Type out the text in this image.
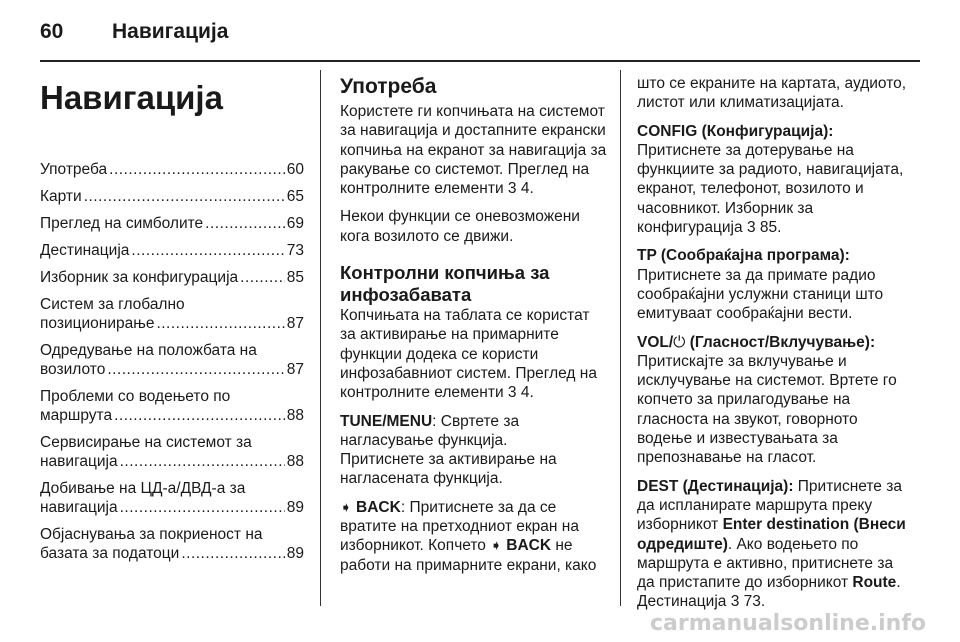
60	Навигација
Навигација
Употреба .....	60
Карти .....	65
Преглед на симболите .....	69
Дестинација .....	73
Изборник за конфигурација .....	85
Систем за глобално
позиционирање .....	87
Одредување на положбата на
возилото .....	87
Проблеми со водењето по
маршрута .....	88
Сервисирање на системот за
навигација .....	88
Добивање на ЦД-а/ДВД-а за
навигација .....	89
Објаснувања за покриеност на
базата за податоци .....	89
Употреба

Користете ги копчињата на системот за навигација и достапните екрански копчиња на екранот за навигација за ракување со системот. Преглед на контролните елементи 3 4.

Некои функции се оневозможени кога возилото се движи.

Контролни копчиња за
инфозабавата

Копчињата на таблата се користат за активирање на примарните функции додека се користи инфозабавниот систем. Преглед на контролните елементи 3 4.

TUNE/MENU: Свртете за нагласување функција.
Притиснете за активирање на нагласената функција.

➧ BACK: Притиснете за да се вратите на претходниот екран на изборникот. Копчето ➧ BACK не работи на примарните екрани, како

што се екраните на картата, аудиото, листот или климатизацијата.

CONFIG (Конфигурација):
Притиснете за дотерување на функциите за радиото, навигацијата, екранот, телефонот, возилото и часовникот. Изборник за конфигурација 3 85.

TP (Сообраќајна програма):
Притиснете за да примате радио сообраќајни услужни станици што емитуваат сообраќајни вести.

VOL/⏻ (Гласност/Вклучување):
Притискајте за вклучување и исклучување на системот. Вртете го копчето за прилагодување на гласноста на звукот, говорното водење и известувањата за препознавање на гласот.

DEST (Дестинација): Притиснете за да испланирате маршрута преку изборникот Enter destination (Внеси одредиште). Ако водењето по маршрута е активно, притиснете за да пристапите до изборникот Route. Дестинација 3 73.

carmanualsonline.info
